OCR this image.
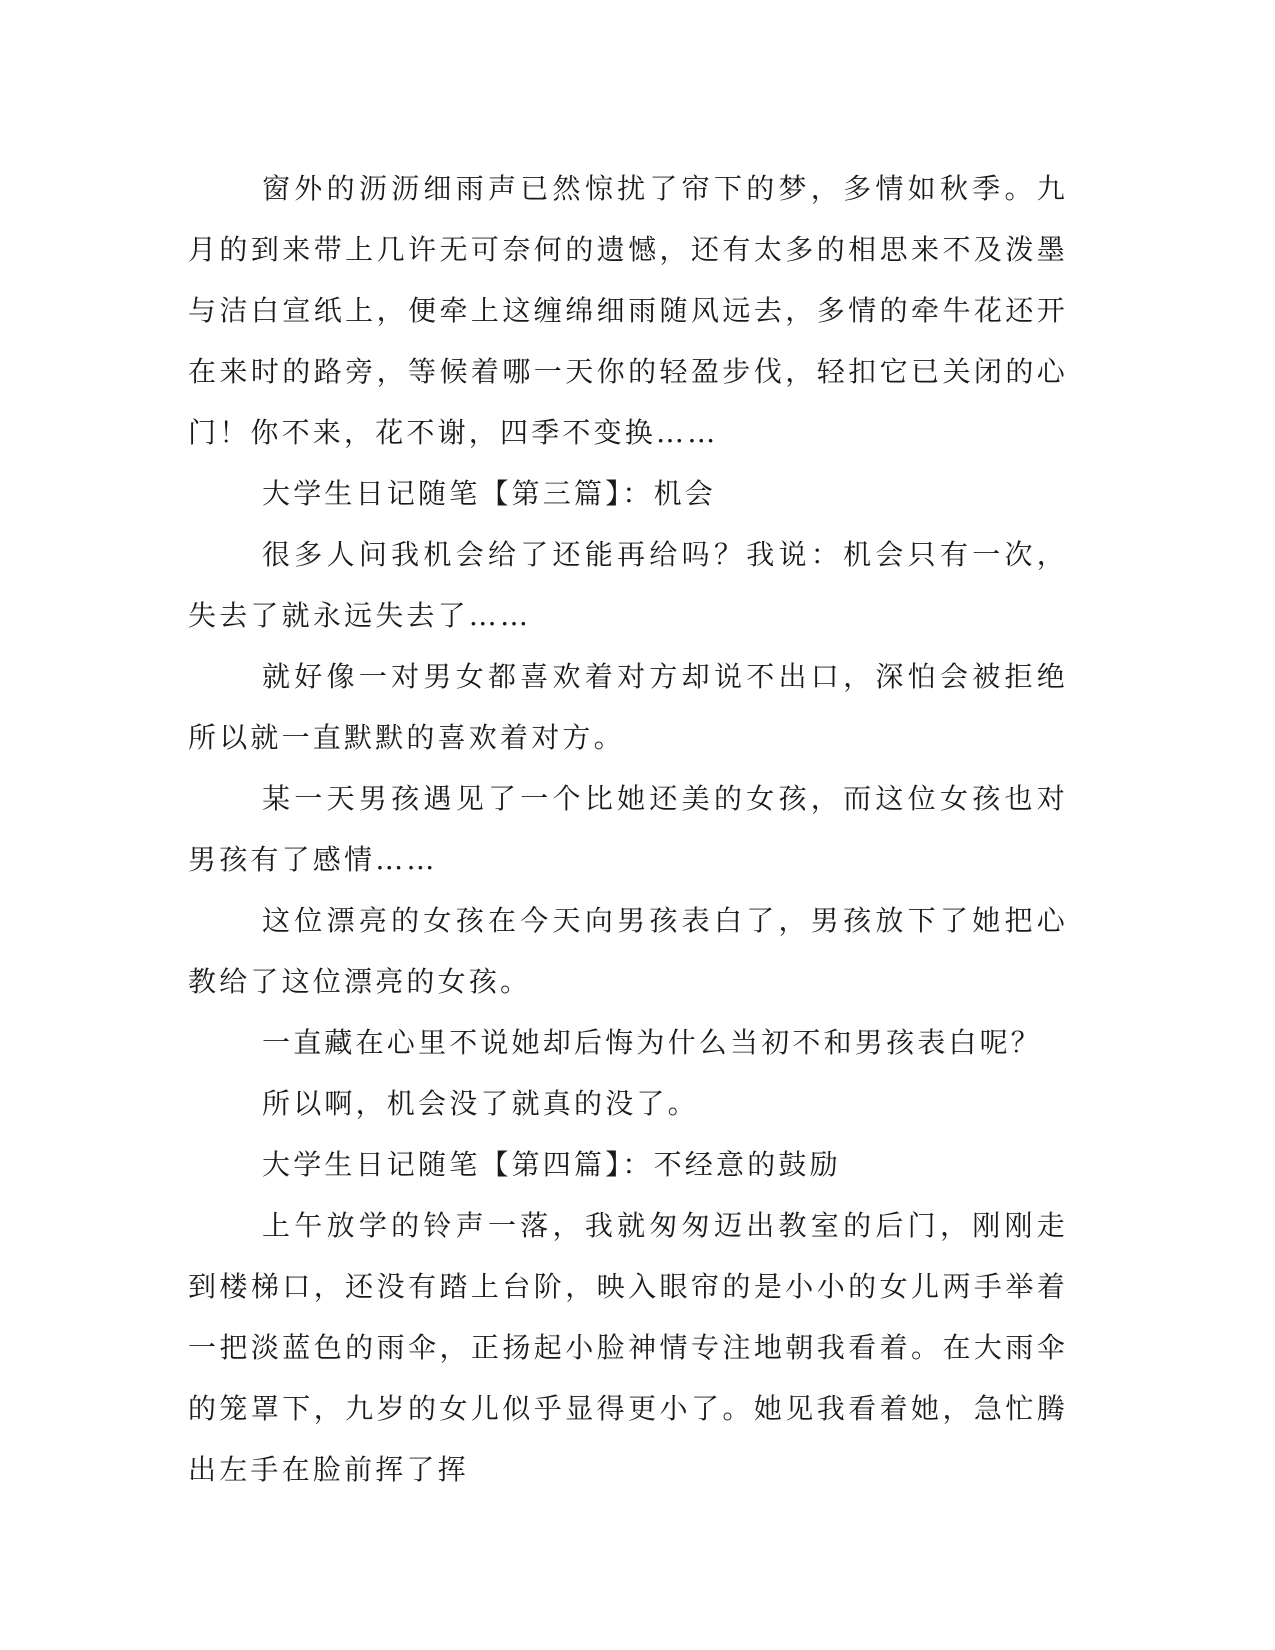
窗外的沥沥细雨声已然惊扰了帘下的梦，多情如秋季。九月的到来带上几许无可奈何的遗憾，还有太多的相思来不及泼墨与洁白宣纸上，便牵上这缠绵细雨随风远去，多情的牵牛花还开在来时的路旁，等候着哪一天你的轻盈步伐，轻扣它已关闭的心门！你不来，花不谢，四季不变换……

大学生日记随笔【第三篇】：机会

很多人问我机会给了还能再给吗？我说：机会只有一次，失去了就永远失去了……

就好像一对男女都喜欢着对方却说不出口，深怕会被拒绝所以就一直默默的喜欢着对方。

某一天男孩遇见了一个比她还美的女孩，而这位女孩也对男孩有了感情……

这位漂亮的女孩在今天向男孩表白了，男孩放下了她把心教给了这位漂亮的女孩。

一直藏在心里不说她却后悔为什么当初不和男孩表白呢？

所以啊，机会没了就真的没了。

大学生日记随笔【第四篇】：不经意的鼓励

上午放学的铃声一落，我就匆匆迈出教室的后门，刚刚走到楼梯口，还没有踏上台阶，映入眼帘的是小小的女儿两手举着一把淡蓝色的雨伞，正扬起小脸神情专注地朝我看着。在大雨伞的笼罩下，九岁的女儿似乎显得更小了。她见我看着她，急忙腾出左手在脸前挥了挥
